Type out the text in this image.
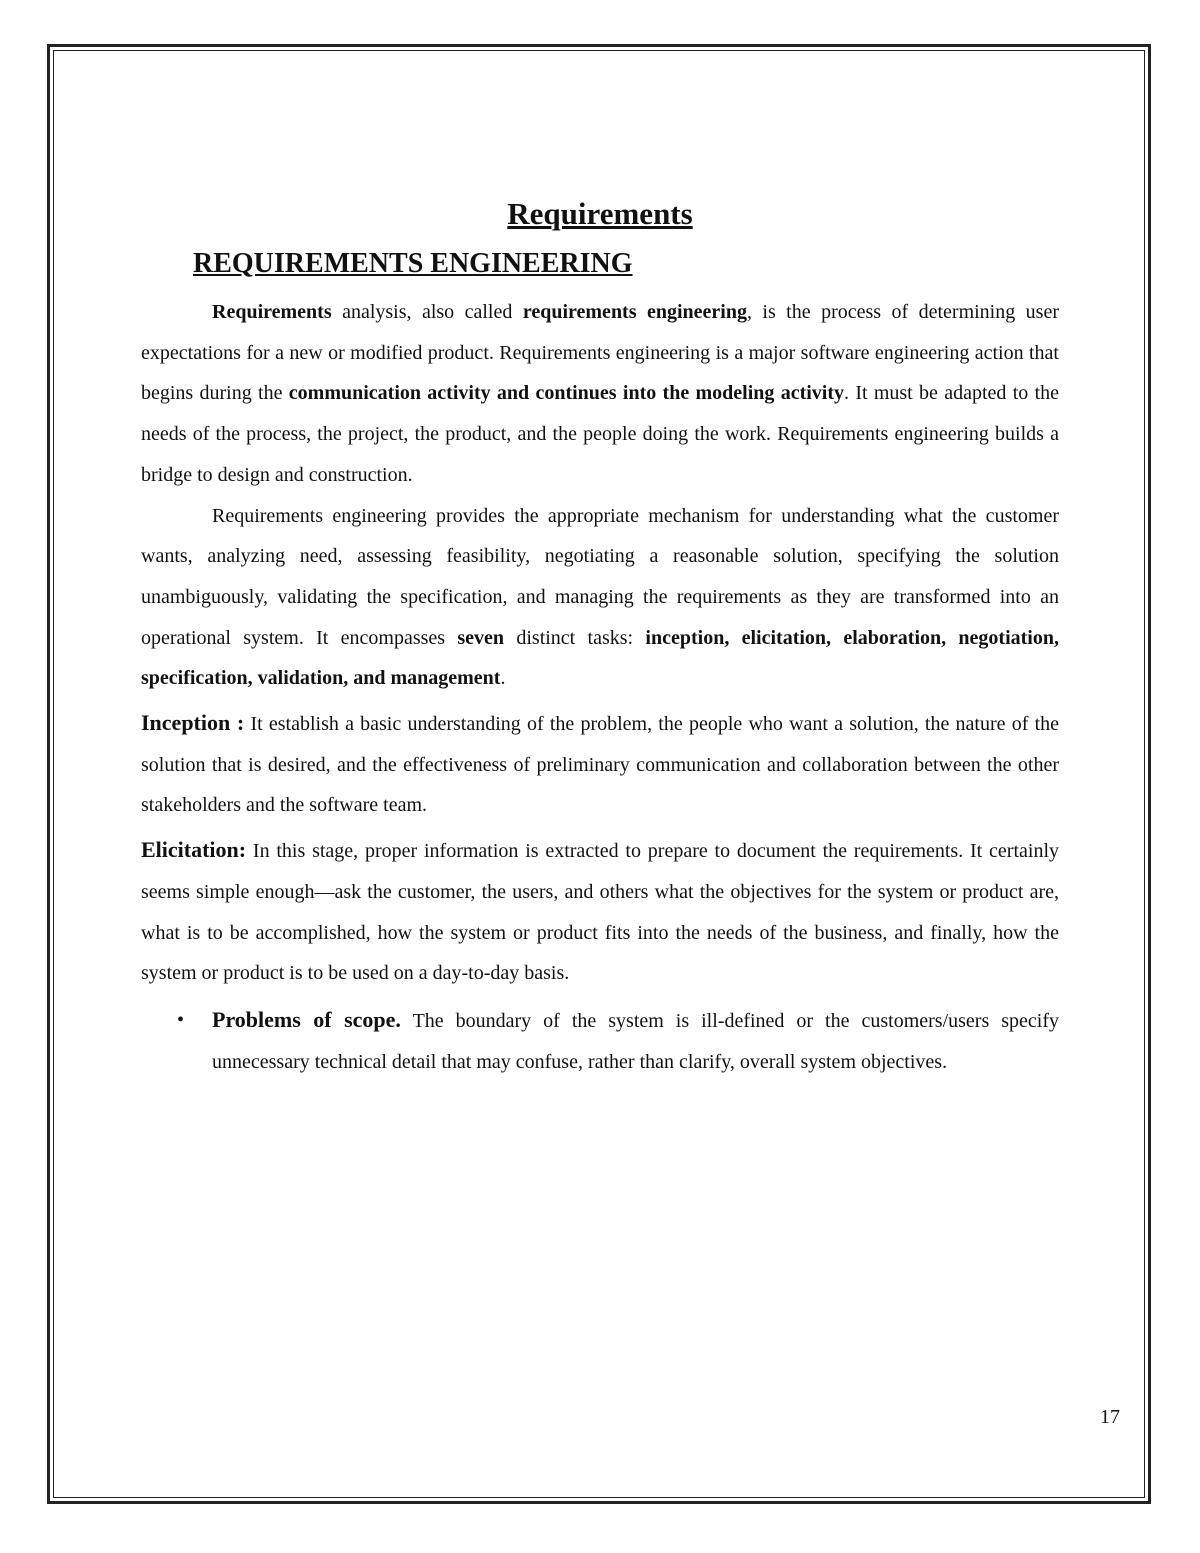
Requirements
REQUIREMENTS ENGINEERING

Requirements analysis, also called requirements engineering, is the process of determining user expectations for a new or modified product. Requirements engineering is a major software engineering action that begins during the communication activity and continues into the modeling activity. It must be adapted to the needs of the process, the project, the product, and the people doing the work. Requirements engineering builds a bridge to design and construction.

Requirements engineering provides the appropriate mechanism for understanding what the customer wants, analyzing need, assessing feasibility, negotiating a reasonable solution, specifying the solution unambiguously, validating the specification, and managing the requirements as they are transformed into an operational system. It encompasses seven distinct tasks: inception, elicitation, elaboration, negotiation, specification, validation, and management.

Inception : It establish a basic understanding of the problem, the people who want a solution, the nature of the solution that is desired, and the effectiveness of preliminary communication and collaboration between the other stakeholders and the software team.

Elicitation: In this stage, proper information is extracted to prepare to document the requirements. It certainly seems simple enough—ask the customer, the users, and others what the objectives for the system or product are, what is to be accomplished, how the system or product fits into the needs of the business, and finally, how the system or product is to be used on a day-to-day basis.

• Problems of scope. The boundary of the system is ill-defined or the customers/users specify unnecessary technical detail that may confuse, rather than clarify, overall system objectives.
17
